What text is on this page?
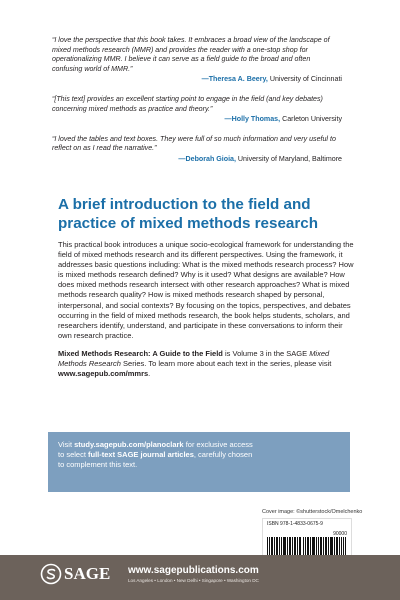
“I love the perspective that this book takes. It embraces a broad view of the landscape of mixed methods research (MMR) and provides the reader with a one-stop shop for operationalizing MMR. I believe it can serve as a field guide to the broad and often confusing world of MMR.”
—Theresa A. Beery, University of Cincinnati

“[This text] provides an excellent starting point to engage in the field (and key debates) concerning mixed methods as practice and theory.”
—Holly Thomas, Carleton University

“I loved the tables and text boxes. They were full of so much information and very useful to reflect on as I read the narrative.”
—Deborah Gioia, University of Maryland, Baltimore

A brief introduction to the field and practice of mixed methods research

This practical book introduces a unique socio-ecological framework for understanding the field of mixed methods research and its different perspectives. Using the framework, it addresses basic questions including: What is the mixed methods research process? How is mixed methods research defined? Why is it used? What designs are available? How does mixed methods research intersect with other research approaches? What is mixed methods research quality? How is mixed methods research shaped by personal, interpersonal, and social contexts? By focusing on the topics, perspectives, and debates occurring in the field of mixed methods research, the book helps students, scholars, and researchers identify, understand, and participate in these conversations to inform their own research practice.

Mixed Methods Research: A Guide to the Field is Volume 3 in the SAGE Mixed Methods Research Series. To learn more about each text in the series, please visit www.sagepub.com/mmrs.

Visit study.sagepub.com/planoclark for exclusive access to select full-text SAGE journal articles, carefully chosen to complement this text.
Cover image: ©shutterstock/Omelchenko
ISBN 978-1-4833-0675-9
90000
SAGE www.sagepublications.com
Los Angeles • London • New Delhi • Singapore • Washington DC
